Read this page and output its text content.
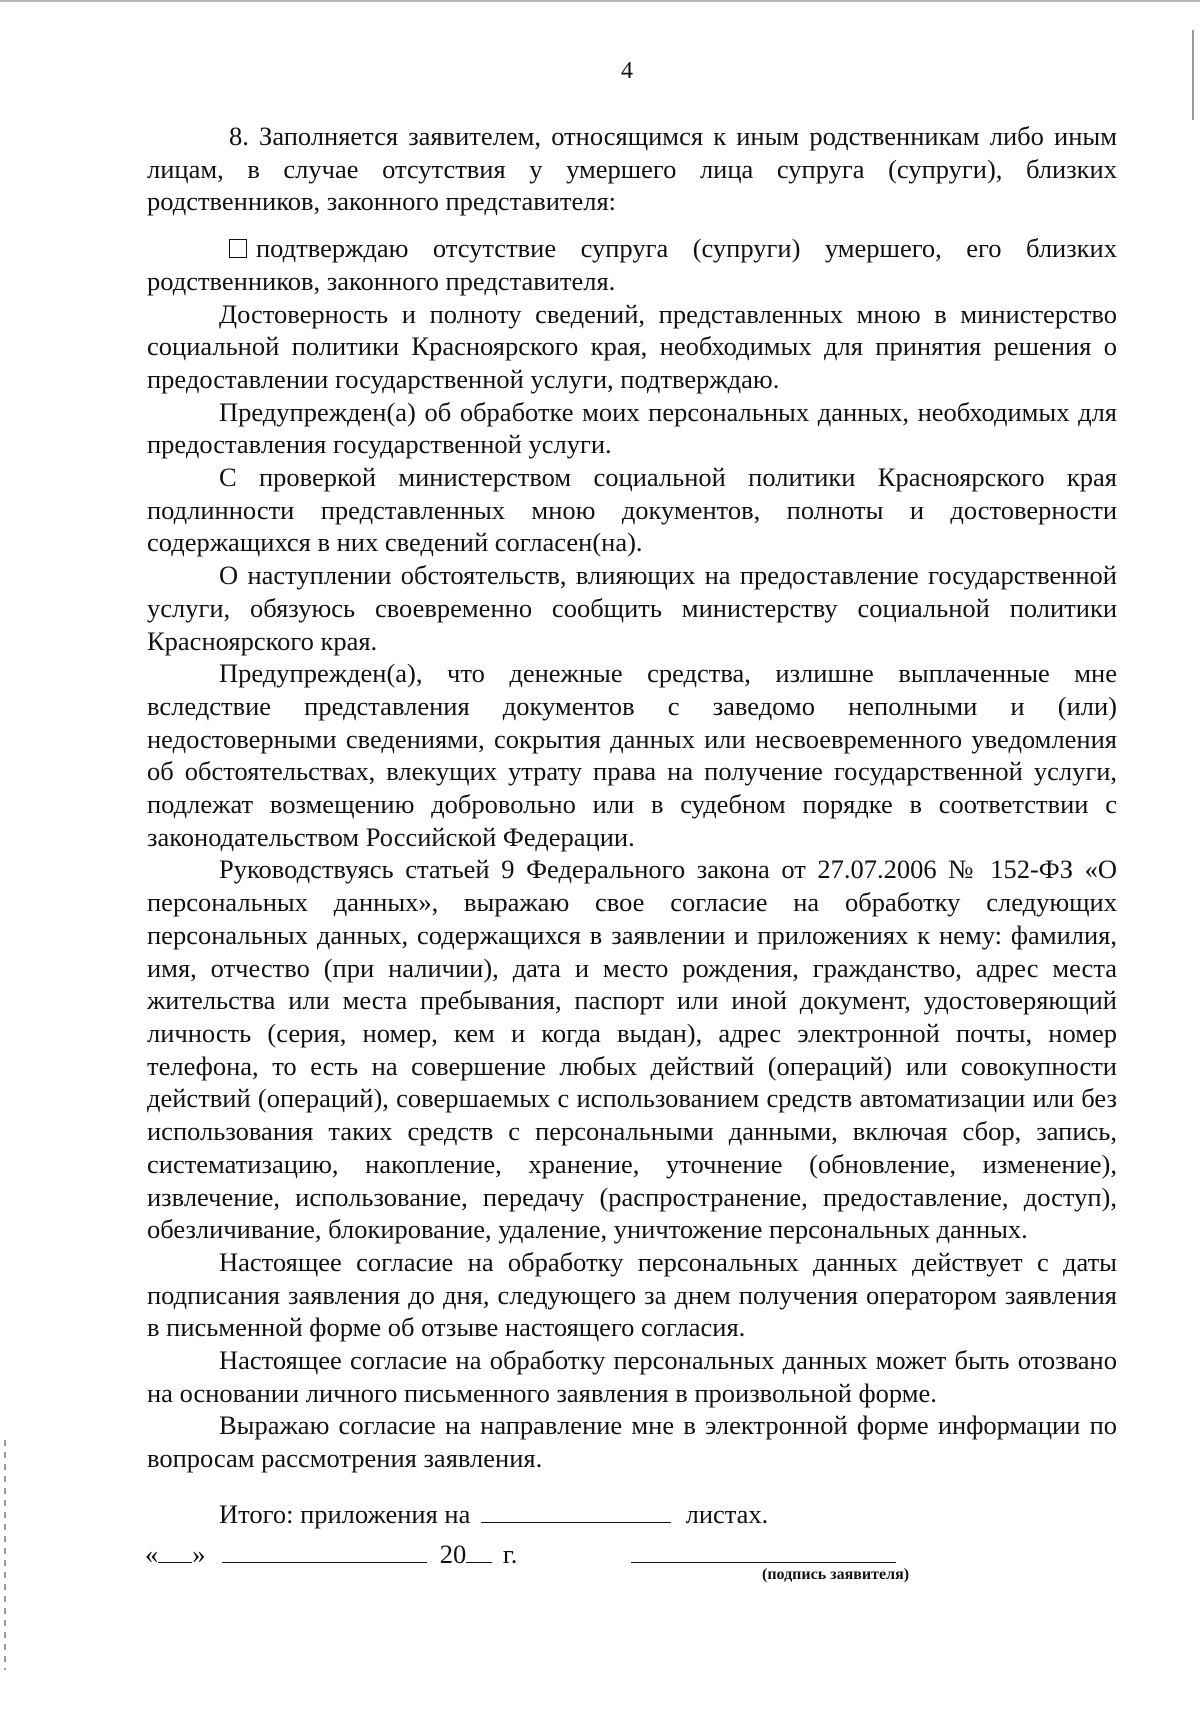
4

8. Заполняется заявителем, относящимся к иным родственникам либо иным лицам, в случае отсутствия у умершего лица супруга (супруги), близких родственников, законного представителя:

подтверждаю отсутствие супруга (супруги) умершего, его близких родственников, законного представителя.

Достоверность и полноту сведений, представленных мною в министерство социальной политики Красноярского края, необходимых для принятия решения о предоставлении государственной услуги, подтверждаю.

Предупрежден(а) об обработке моих персональных данных, необходимых для предоставления государственной услуги.

С проверкой министерством социальной политики Красноярского края подлинности представленных мною документов, полноты и достоверности содержащихся в них сведений согласен(на).

О наступлении обстоятельств, влияющих на предоставление государственной услуги, обязуюсь своевременно сообщить министерству социальной политики Красноярского края.

Предупрежден(а), что денежные средства, излишне выплаченные мне вследствие представления документов с заведомо неполными и (или) недостоверными сведениями, сокрытия данных или несвоевременного уведомления об обстоятельствах, влекущих утрату права на получение государственной услуги, подлежат возмещению добровольно или в судебном порядке в соответствии с законодательством Российской Федерации.

Руководствуясь статьей 9 Федерального закона от 27.07.2006 № 152-ФЗ «О персональных данных», выражаю свое согласие на обработку следующих персональных данных, содержащихся в заявлении и приложениях к нему: фамилия, имя, отчество (при наличии), дата и место рождения, гражданство, адрес места жительства или места пребывания, паспорт или иной документ, удостоверяющий личность (серия, номер, кем и когда выдан), адрес электронной почты, номер телефона, то есть на совершение любых действий (операций) или совокупности действий (операций), совершаемых с использованием средств автоматизации или без использования таких средств с персональными данными, включая сбор, запись, систематизацию, накопление, хранение, уточнение (обновление, изменение), извлечение, использование, передачу (распространение, предоставление, доступ), обезличивание, блокирование, удаление, уничтожение персональных данных.

Настоящее согласие на обработку персональных данных действует с даты подписания заявления до дня, следующего за днем получения оператором заявления в письменной форме об отзыве настоящего согласия.

Настоящее согласие на обработку персональных данных может быть отозвано на основании личного письменного заявления в произвольной форме.

Выражаю согласие на направление мне в электронной форме информации по вопросам рассмотрения заявления.

Итого: приложения на	листах.
« »	20 г.
(подпись заявителя)
